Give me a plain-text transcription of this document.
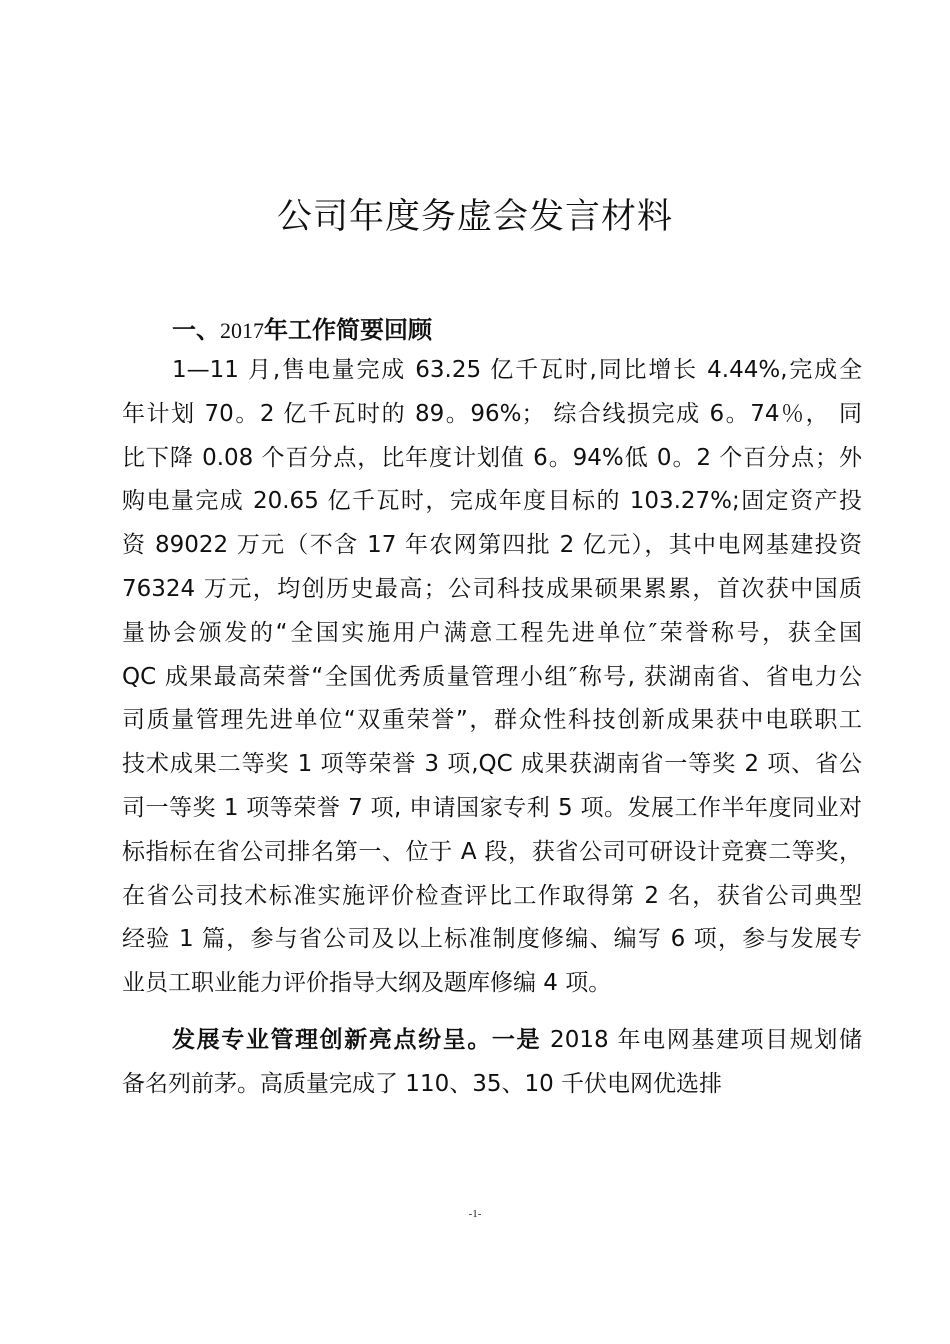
公司年度务虚会发言材料
一、2017年工作简要回顾
1—11 月,售电量完成 63.25 亿千瓦时,同比增长 4.44%,完成全
年计划 70。2 亿千瓦时的 89。96%； 综合线损完成 6。74％， 同
比下降 0.08 个百分点，比年度计划值 6。94%低 0。2 个百分点；外
购电量完成 20.65 亿千瓦时，完成年度目标的 103.27%;固定资产投
资 89022 万元（不含 17 年农网第四批 2 亿元），其中电网基建投资
76324 万元，均创历史最高；公司科技成果硕果累累，首次获中国质
量协会颁发的“全国实施用户满意工程先进单位″荣誉称号，获全国
QC 成果最高荣誉“全国优秀质量管理小组″称号, 获湖南省、省电力公
司质量管理先进单位“双重荣誉”，群众性科技创新成果获中电联职工
技术成果二等奖 1 项等荣誉 3 项,QC 成果获湖南省一等奖 2 项、省公
司一等奖 1 项等荣誉 7 项, 申请国家专利 5 项。发展工作半年度同业对
标指标在省公司排名第一、位于 A 段，获省公司可研设计竞赛二等奖，
在省公司技术标准实施评价检查评比工作取得第 2 名，获省公司典型
经验 1 篇，参与省公司及以上标准制度修编、编写 6 项，参与发展专
业员工职业能力评价指导大纲及题库修编 4 项。
发展专业管理创新亮点纷呈。一是 2018 年电网基建项目规划储
备名列前茅。高质量完成了 110、35、10 千伏电网优选排
-1-
